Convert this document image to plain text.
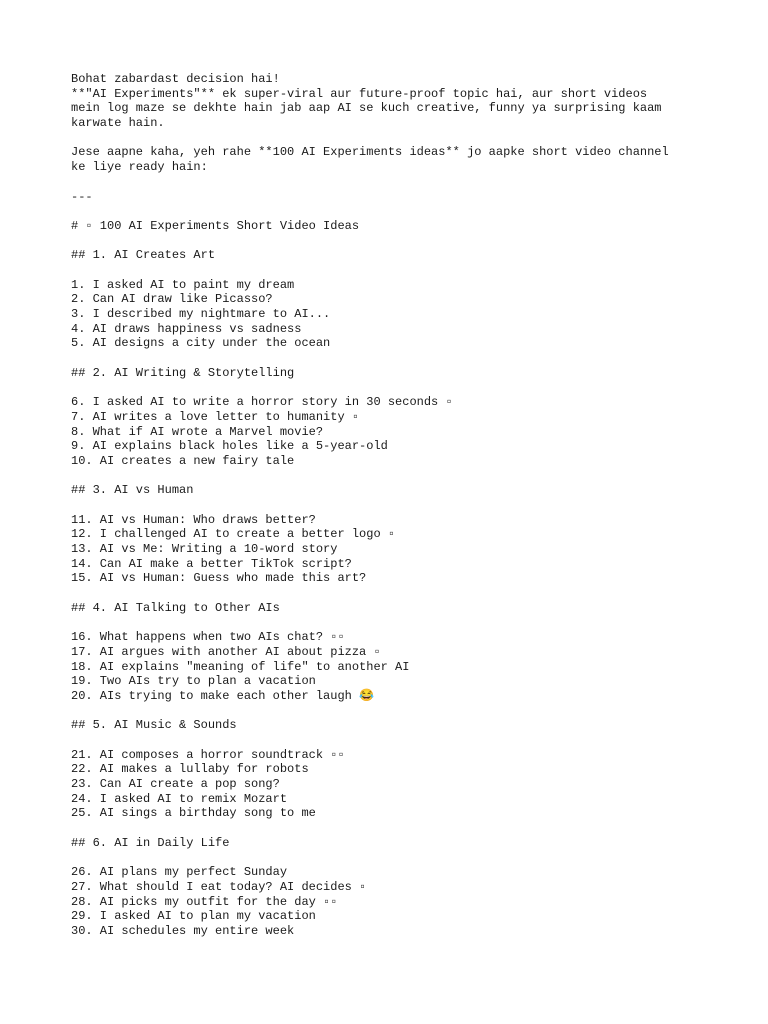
Bohat zabardast decision hai!
**"AI Experiments"** ek super-viral aur future-proof topic hai, aur short videos
mein log maze se dekhte hain jab aap AI se kuch creative, funny ya surprising kaam
karwate hain.
Jese aapne kaha, yeh rahe **100 AI Experiments ideas** jo aapke short video channel
ke liye ready hain:
---
# ▫ 100 AI Experiments Short Video Ideas
## 1. AI Creates Art
1. I asked AI to paint my dream
2. Can AI draw like Picasso?
3. I described my nightmare to AI...
4. AI draws happiness vs sadness
5. AI designs a city under the ocean
## 2. AI Writing & Storytelling
6. I asked AI to write a horror story in 30 seconds ▫
7. AI writes a love letter to humanity ▫
8. What if AI wrote a Marvel movie?
9. AI explains black holes like a 5-year-old
10. AI creates a new fairy tale
## 3. AI vs Human
11. AI vs Human: Who draws better?
12. I challenged AI to create a better logo ▫
13. AI vs Me: Writing a 10-word story
14. Can AI make a better TikTok script?
15. AI vs Human: Guess who made this art?
## 4. AI Talking to Other AIs
16. What happens when two AIs chat? ▫▫
17. AI argues with another AI about pizza ▫
18. AI explains "meaning of life" to another AI
19. Two AIs try to plan a vacation
20. AIs trying to make each other laugh 😂
## 5. AI Music & Sounds
21. AI composes a horror soundtrack ▫▫
22. AI makes a lullaby for robots
23. Can AI create a pop song?
24. I asked AI to remix Mozart
25. AI sings a birthday song to me
## 6. AI in Daily Life
26. AI plans my perfect Sunday
27. What should I eat today? AI decides ▫
28. AI picks my outfit for the day ▫▫
29. I asked AI to plan my vacation
30. AI schedules my entire week
